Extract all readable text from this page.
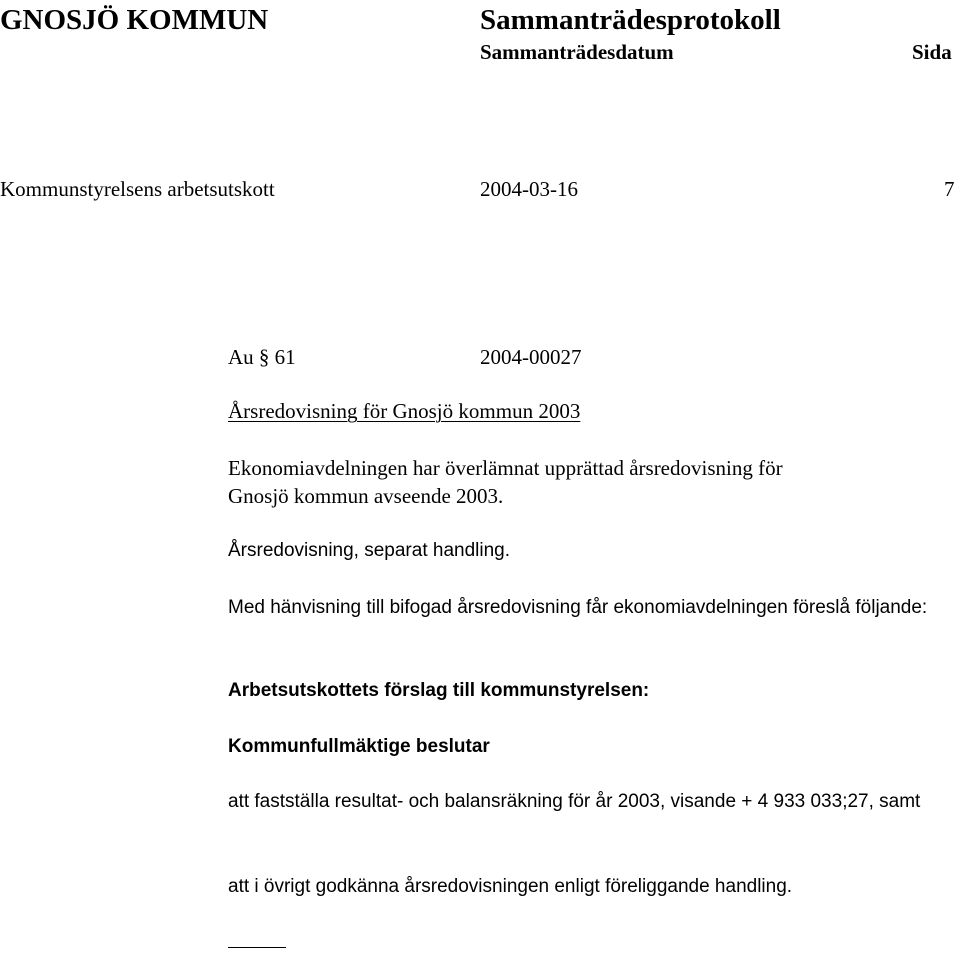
GNOSJÖ KOMMUN	Sammanträdesprotokoll
Sammanträdesdatum	Sida
Kommunstyrelsens arbetsutskott	2004-03-16	7
Au § 61	2004-00027
Årsredovisning för Gnosjö kommun 2003
Ekonomiavdelningen har överlämnat upprättad årsredovisning för Gnosjö kommun avseende 2003.
Årsredovisning, separat handling.
Med hänvisning till bifogad årsredovisning får ekonomiavdelningen föreslå följande:
Arbetsutskottets förslag till kommunstyrelsen:
Kommunfullmäktige beslutar
att fastställa resultat- och balansräkning för år 2003, visande + 4 933 033;27, samt
att i övrigt godkänna årsredovisningen enligt föreliggande handling.
